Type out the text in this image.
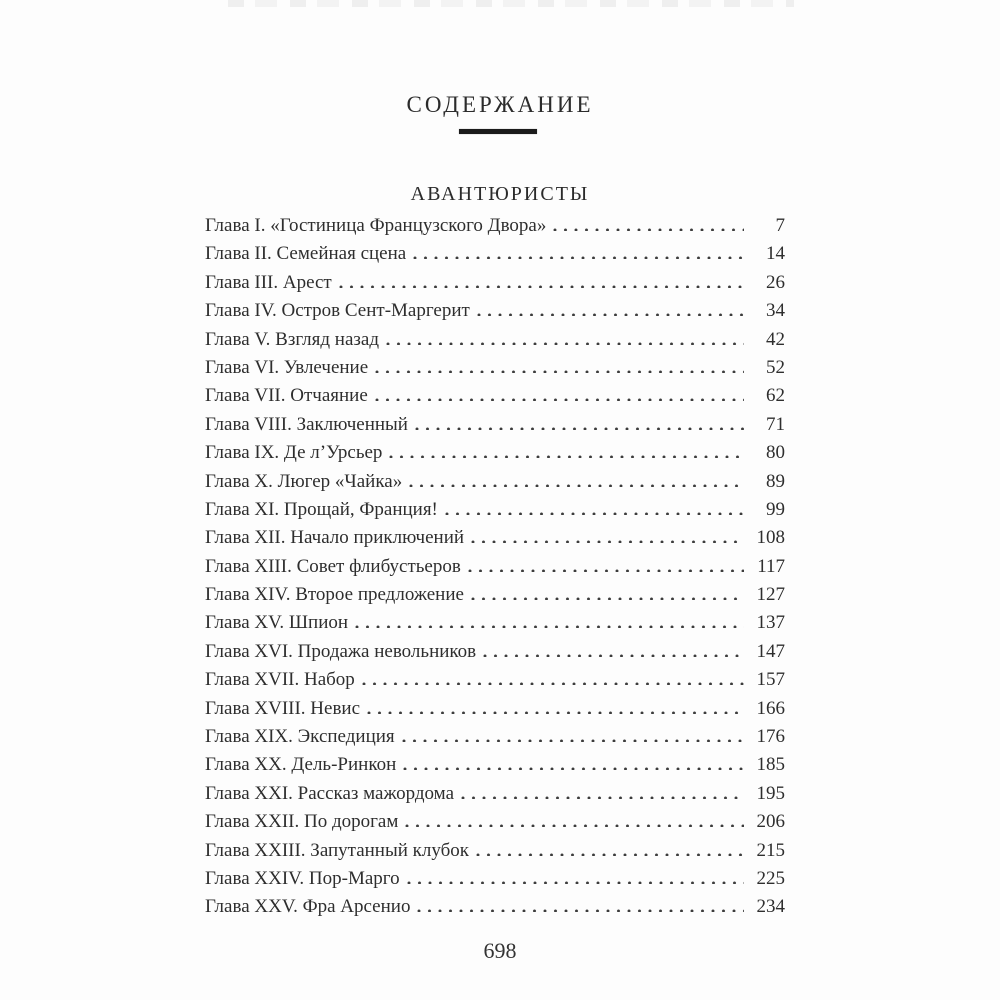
СОДЕРЖАНИЕ
АВАНТЮРИСТЫ
Глава I. «Гостиница Французского Двора»	7
Глава II. Семейная сцена	14
Глава III. Арест	26
Глава IV. Остров Сент-Маргерит	34
Глава V. Взгляд назад	42
Глава VI. Увлечение	52
Глава VII. Отчаяние	62
Глава VIII. Заключенный	71
Глава IX. Де л’Урсьер	80
Глава X. Люгер «Чайка»	89
Глава XI. Прощай, Франция!	99
Глава XII. Начало приключений	108
Глава XIII. Совет флибустьеров	117
Глава XIV. Второе предложение	127
Глава XV. Шпион	137
Глава XVI. Продажа невольников	147
Глава XVII. Набор	157
Глава XVIII. Невис	166
Глава XIX. Экспедиция	176
Глава XX. Дель-Ринкон	185
Глава XXI. Рассказ мажордома	195
Глава XXII. По дорогам	206
Глава XXIII. Запутанный клубок	215
Глава XXIV. Пор-Марго	225
Глава XXV. Фра Арсенио	234
698
